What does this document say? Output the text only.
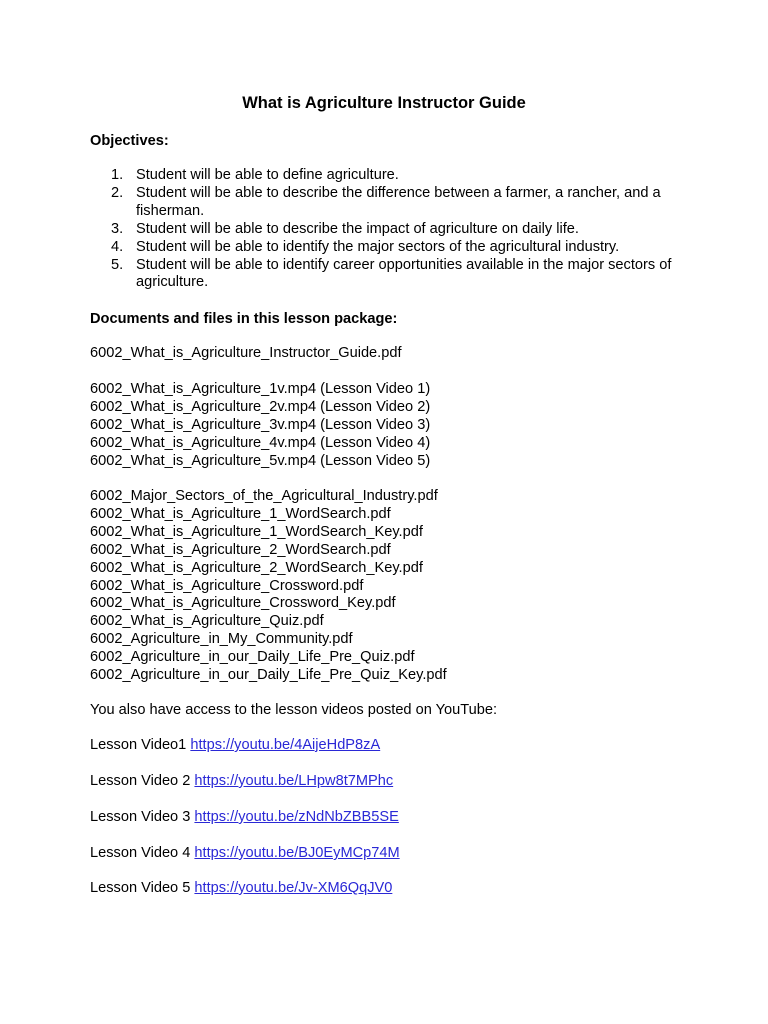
What is Agriculture Instructor Guide
Objectives:
1. Student will be able to define agriculture.
2. Student will be able to describe the difference between a farmer, a rancher, and a fisherman.
3. Student will be able to describe the impact of agriculture on daily life.
4. Student will be able to identify the major sectors of the agricultural industry.
5. Student will be able to identify career opportunities available in the major sectors of agriculture.
Documents and files in this lesson package:
6002_What_is_Agriculture_Instructor_Guide.pdf
6002_What_is_Agriculture_1v.mp4 (Lesson Video 1)
6002_What_is_Agriculture_2v.mp4 (Lesson Video 2)
6002_What_is_Agriculture_3v.mp4 (Lesson Video 3)
6002_What_is_Agriculture_4v.mp4 (Lesson Video 4)
6002_What_is_Agriculture_5v.mp4 (Lesson Video 5)
6002_Major_Sectors_of_the_Agricultural_Industry.pdf
6002_What_is_Agriculture_1_WordSearch.pdf
6002_What_is_Agriculture_1_WordSearch_Key.pdf
6002_What_is_Agriculture_2_WordSearch.pdf
6002_What_is_Agriculture_2_WordSearch_Key.pdf
6002_What_is_Agriculture_Crossword.pdf
6002_What_is_Agriculture_Crossword_Key.pdf
6002_What_is_Agriculture_Quiz.pdf
6002_Agriculture_in_My_Community.pdf
6002_Agriculture_in_our_Daily_Life_Pre_Quiz.pdf
6002_Agriculture_in_our_Daily_Life_Pre_Quiz_Key.pdf
You also have access to the lesson videos posted on YouTube:
Lesson Video1 https://youtu.be/4AijeHdP8zA
Lesson Video 2 https://youtu.be/LHpw8t7MPhc
Lesson Video 3 https://youtu.be/zNdNbZBB5SE
Lesson Video 4 https://youtu.be/BJ0EyMCp74M
Lesson Video 5 https://youtu.be/Jv-XM6QqJV0
